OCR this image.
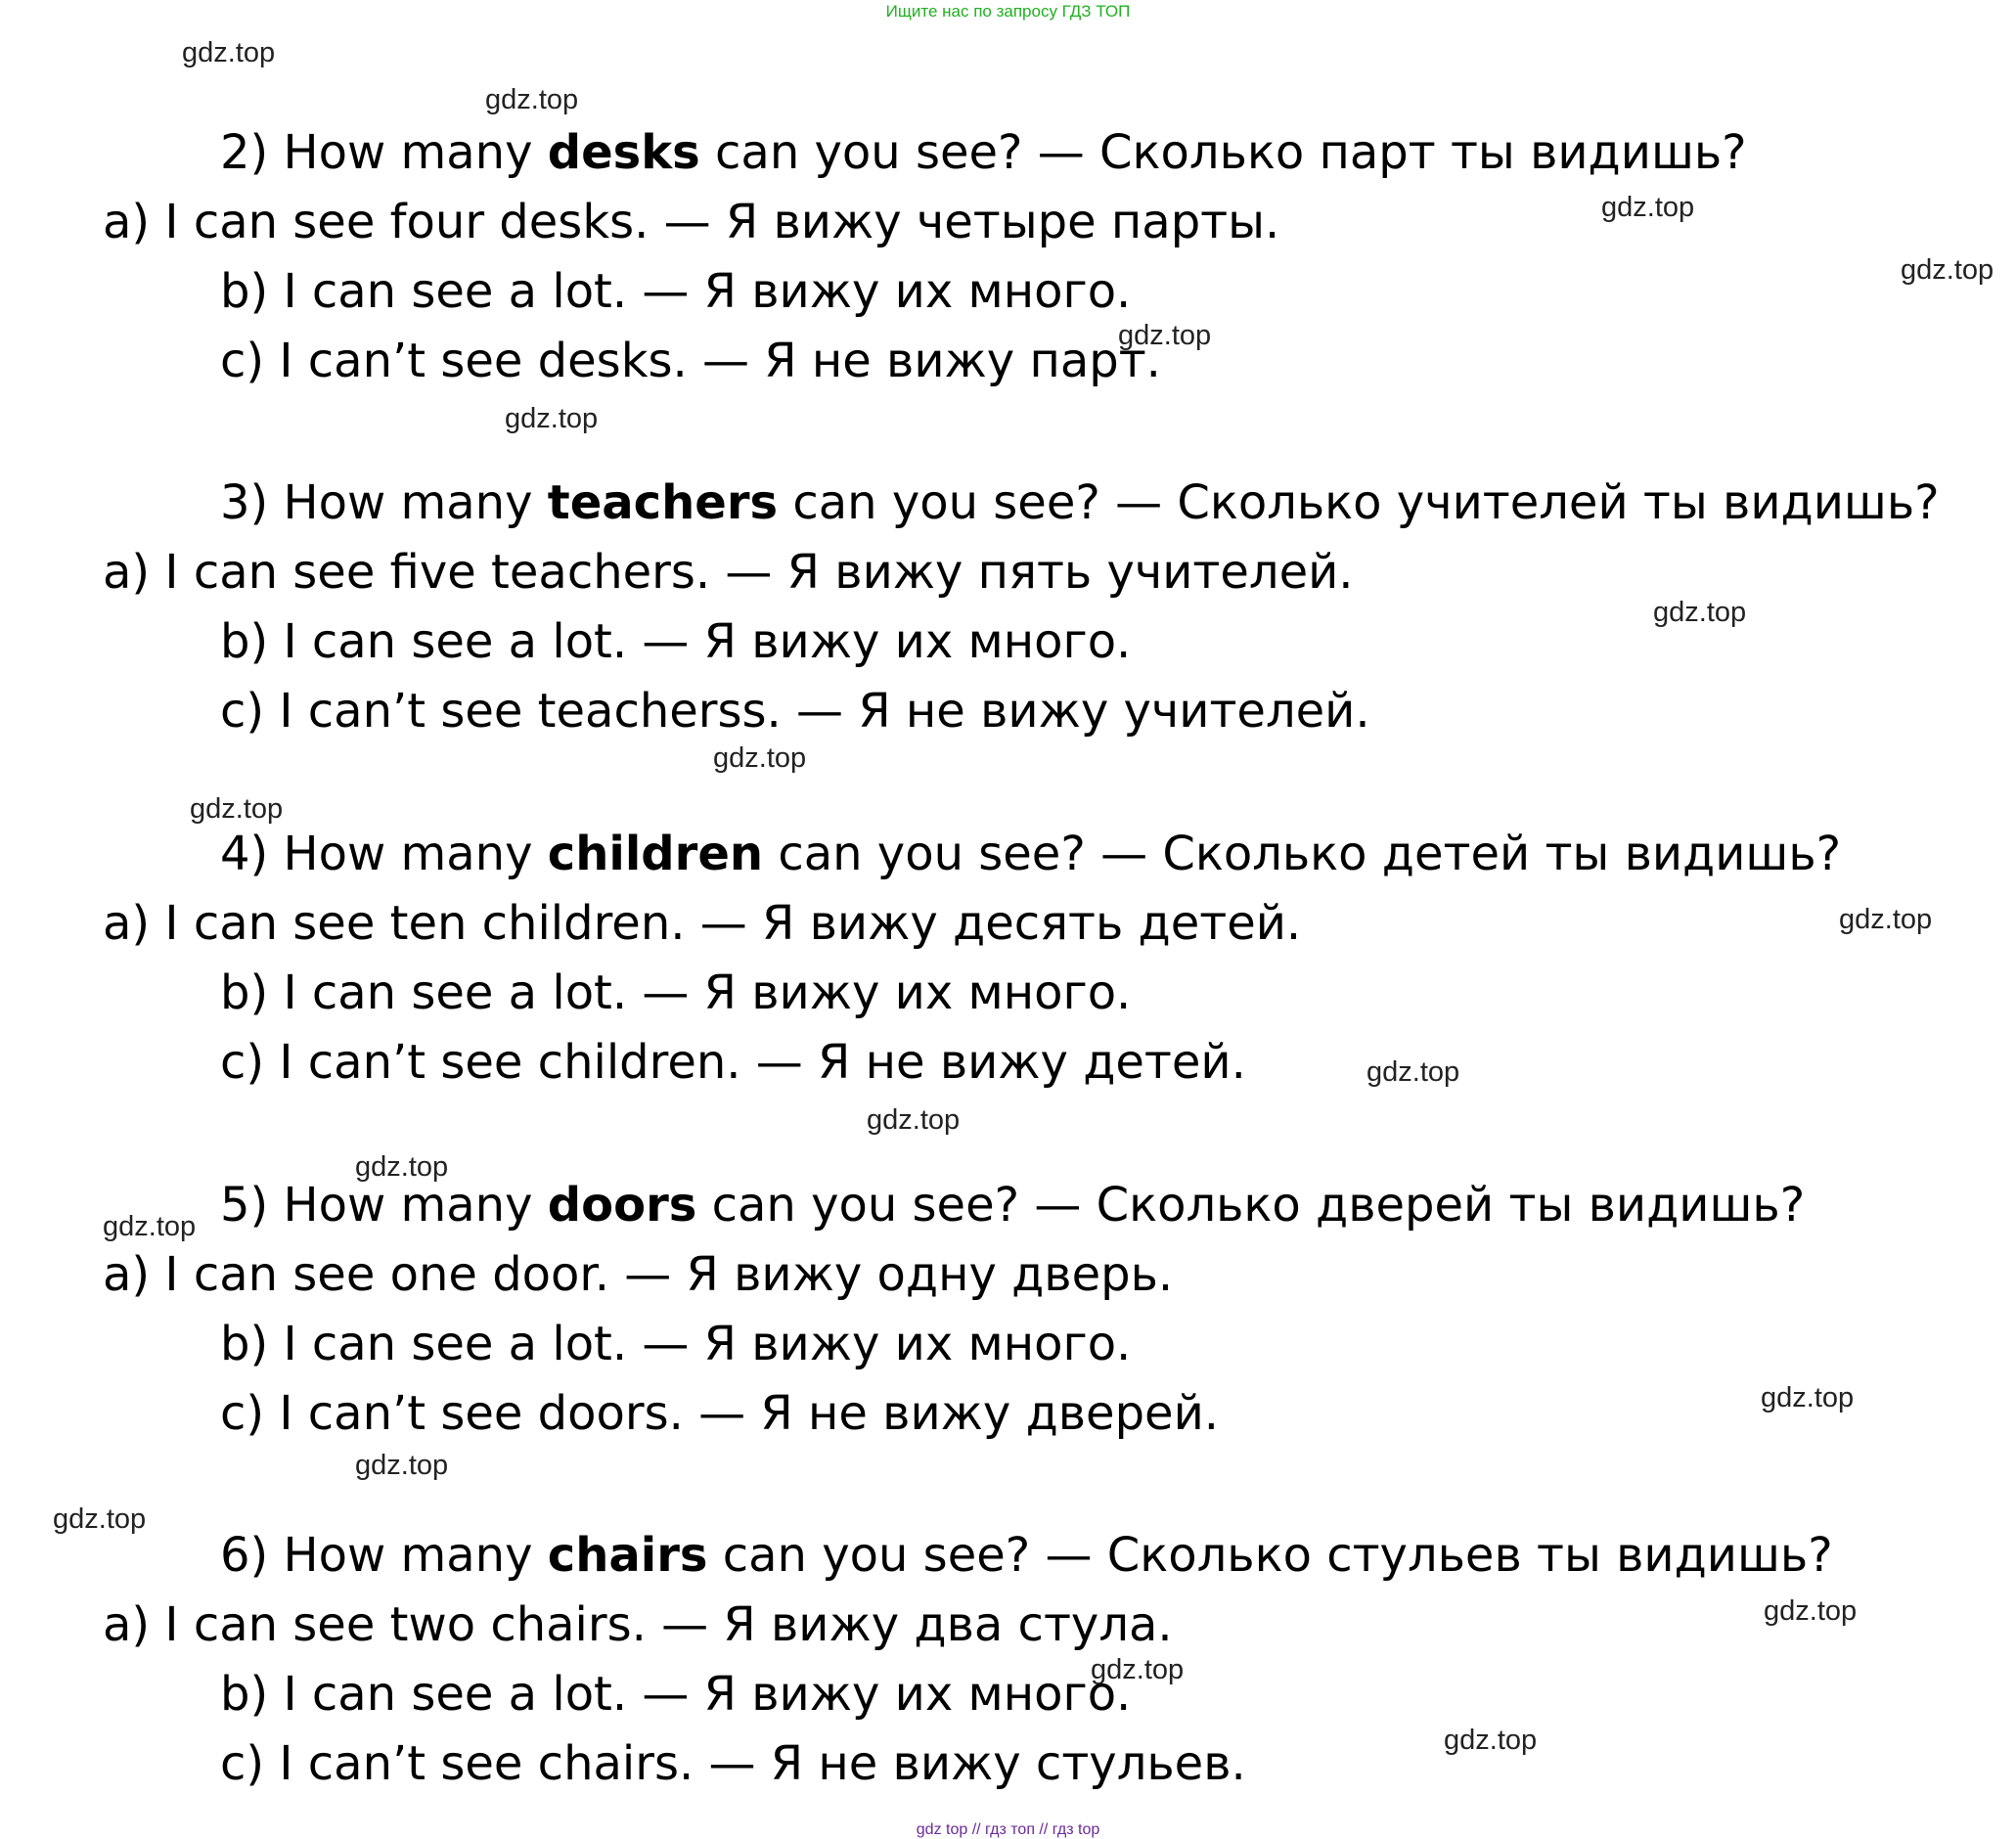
Ищите нас по запросу ГДЗ ТОП
2) How many desks can you see? — Сколько парт ты видишь?
a) I can see four desks. — Я вижу четыре парты.
b) I can see a lot. — Я вижу их много.
c) I can’t see desks. — Я не вижу парт.
3) How many teachers can you see? — Сколько учителей ты видишь?
a) I can see five teachers. — Я вижу пять учителей.
b) I can see a lot. — Я вижу их много.
c) I can’t see teacherss. — Я не вижу учителей.
4) How many children can you see? — Сколько детей ты видишь?
a) I can see ten children. — Я вижу десять детей.
b) I can see a lot. — Я вижу их много.
c) I can’t see children. — Я не вижу детей.
5) How many doors can you see? — Сколько дверей ты видишь?
a) I can see one door. — Я вижу одну дверь.
b) I can see a lot. — Я вижу их много.
c) I can’t see doors. — Я не вижу дверей.
6) How many chairs can you see? — Сколько стульев ты видишь?
a) I can see two chairs. — Я вижу два стула.
b) I can see a lot. — Я вижу их много.
c) I can’t see chairs. — Я не вижу стульев.
gdz.top
gdz.top
gdz.top
gdz.top
gdz.top
gdz.top
gdz.top
gdz.top
gdz.top
gdz.top
gdz.top
gdz.top
gdz.top
gdz.top
gdz.top
gdz.top
gdz.top
gdz.top
gdz.top
gdz.top
gdz top // гдз топ // гдз top
